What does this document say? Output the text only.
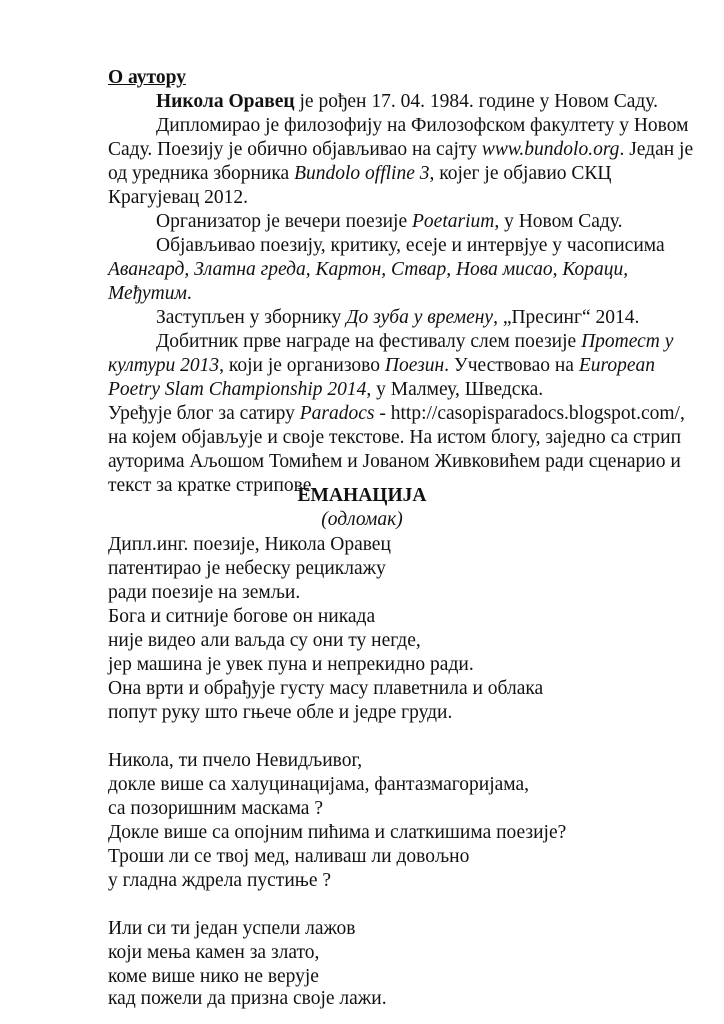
О аутору
Никола Оравец је рођен 17. 04. 1984. године у Новом Саду.
Дипломирао је филозофију на Филозофском факултету у Новом
Саду. Поезију је обично објављивао на сајту www.bundolo.org. Један је
од уредника зборника Bundolo offline 3, којег је објавио СКЦ
Крагујевац 2012.
Организатор је вечери поезије Poetarium, у Новом Саду.
Објављивао поезију, критику, есеје и интервјуе у часописима
Авангард, Златна греда, Картон, Ствар, Нова мисао, Кораци,
Међутим.
Заступљен у зборнику До зуба у времену, „Пресинг“ 2014.
Добитник прве награде на фестивалу слем поезије Протест у
култури 2013, који је организово Поезин. Учествовао на European
Poetry Slam Championship 2014, у Малмеу, Шведска.
Уређује блог за сатиру Paradocs - http://casopisparadocs.blogspot.com/,
на којем објављује и своје текстове. На истом блогу, заједно са стрип
ауторима Аљошом Томићем и Јованом Живковићем ради сценарио и
текст за кратке стрипове.
ЕМАНАЦИЈА
(одломак)
Дипл.инг. поезије, Никола Оравец
патентирао је небеску рециклажу
ради поезије на земљи.
Бога и ситније богове он никада
није видео али ваљда су они ту негде,
јер машина је увек пуна и непрекидно ради.
Она врти и обрађује густу масу плаветнила и облака
попут руку што гњече обле и једре груди.
Никола, ти пчело Невидљивог,
докле више са халуцинацијама, фантазмагоријама,
са позоришним маскама ?
Докле више са опојним пићима и слаткишима поезије?
Троши ли се твој мед, наливаш ли довољно
у гладна ждрела пустиње ?
Или си ти један успели лажов
који мења камен за злато,
коме више нико не верује
кад пожели да призна своје лажи.
